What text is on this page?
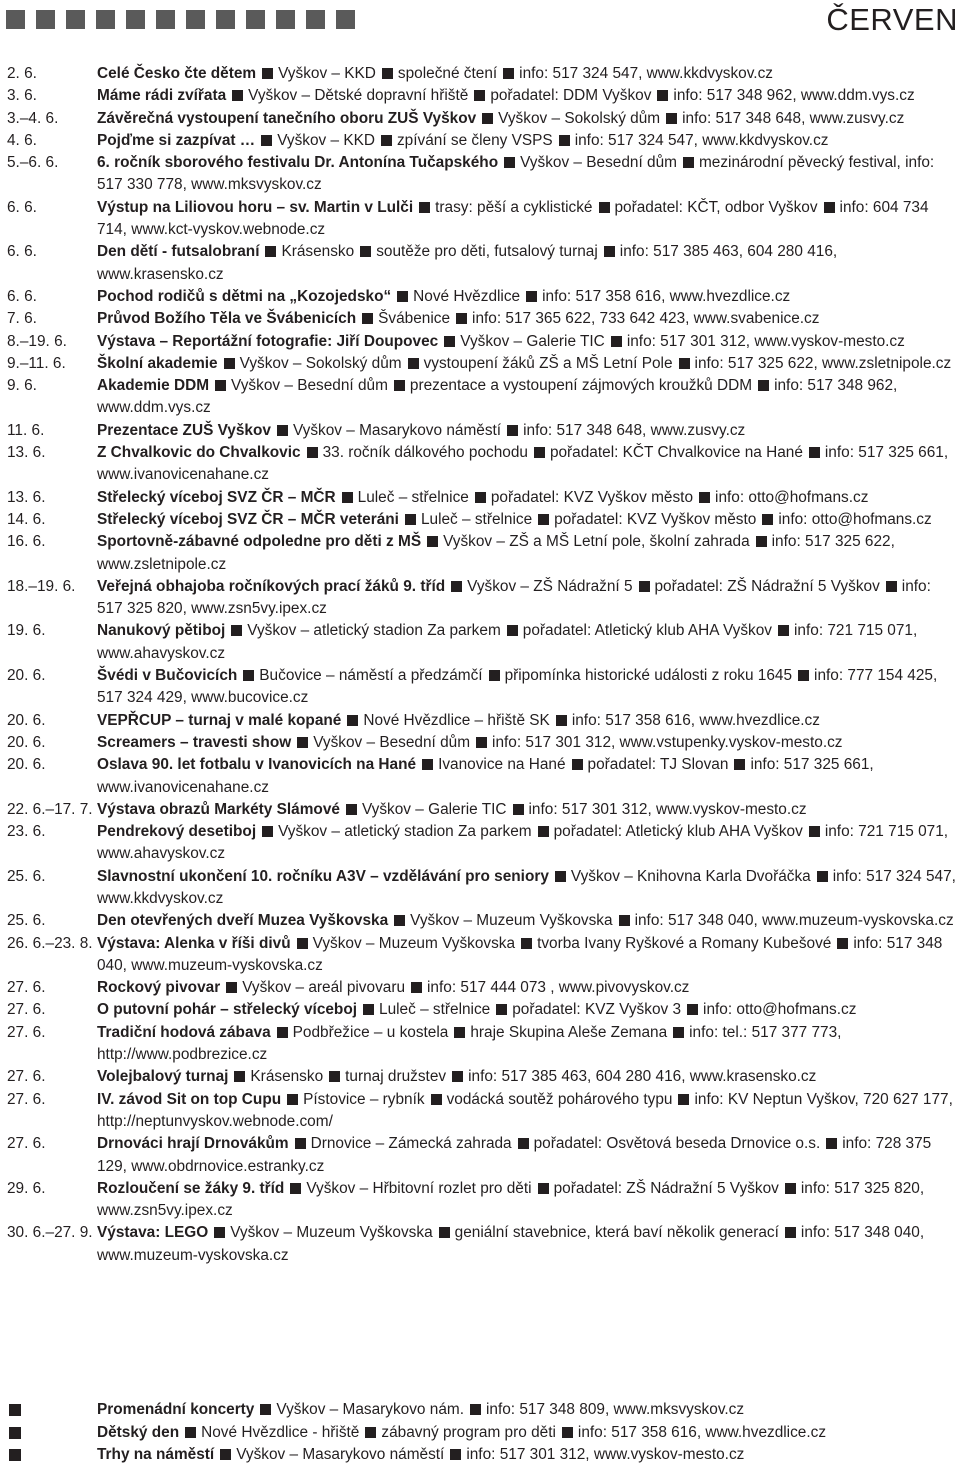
ČERVEN
2. 6.	Celé Česko čte dětem Vyškov – KKD společné čtení info: 517 324 547, www.kkdvyskov.cz
3. 6.	Máme rádi zvířata Vyškov – Dětské dopravní hřiště pořadatel: DDM Vyškov info: 517 348 962, www.ddm.vys.cz
3.–4. 6.	Závěrečná vystoupení tanečního oboru ZUŠ Vyškov Vyškov – Sokolský dům info: 517 348 648, www.zusvy.cz
4. 6.	Pojďme si zazpívat … Vyškov – KKD zpívání se členy VSPS info: 517 324 547, www.kkdvyskov.cz
5.–6. 6.	6. ročník sborového festivalu Dr. Antonína Tučapského Vyškov – Besední dům mezinárodní pěvecký festival, info: 517 330 778, www.mksvyskov.cz
6. 6.	Výstup na Liliovou horu – sv. Martin v Lulči trasy: pěší a cyklistické pořadatel: KČT, odbor Vyškov info: 604 734 714, www.kct-vyskov.webnode.cz
6. 6.	Den dětí - futsalobraní Krásensko soutěže pro děti, futsalový turnaj info: 517 385 463, 604 280 416, www.krasensko.cz
6. 6.	Pochod rodičů s dětmi na „Kozojedsko“ Nové Hvězdlice info: 517 358 616, www.hvezdlice.cz
7. 6.	Průvod Božího Těla ve Švábenicích Švábenice info: 517 365 622, 733 642 423, www.svabenice.cz
8.–19. 6.	Výstava – Reportážní fotografie: Jiří Doupovec Vyškov – Galerie TIC info: 517 301 312, www.vyskov-mesto.cz
9.–11. 6.	Školní akademie Vyškov – Sokolský dům vystoupení žáků ZŠ a MŠ Letní Pole info: 517 325 622, www.zsletnipole.cz
9. 6.	Akademie DDM Vyškov – Besední dům prezentace a vystoupení zájmových kroužků DDM info: 517 348 962, www.ddm.vys.cz
11. 6.	Prezentace ZUŠ Vyškov Vyškov – Masarykovo náměstí info: 517 348 648, www.zusvy.cz
13. 6.	Z Chvalkovic do Chvalkovic 33. ročník dálkového pochodu pořadatel: KČT Chvalkovice na Hané info: 517 325 661, www.ivanovicenahane.cz
13. 6.	Střelecký víceboj SVZ ČR – MČR Luleč – střelnice pořadatel: KVZ Vyškov město info: otto@hofmans.cz
14. 6.	Střelecký víceboj SVZ ČR – MČR veteráni Luleč – střelnice pořadatel: KVZ Vyškov město info: otto@hofmans.cz
16. 6.	Sportovně-zábavné odpoledne pro děti z MŠ Vyškov – ZŠ a MŠ Letní pole, školní zahrada info: 517 325 622, www.zsletnipole.cz
18.–19. 6.	Veřejná obhajoba ročníkových prací žáků 9. tříd Vyškov – ZŠ Nádražní 5 pořadatel: ZŠ Nádražní 5 Vyškov info: 517 325 820, www.zsn5vy.ipex.cz
19. 6.	Nanukový pětiboj Vyškov – atletický stadion Za parkem pořadatel: Atletický klub AHA Vyškov info: 721 715 071, www.ahavyskov.cz
20. 6.	Švédi v Bučovicích Bučovice – náměstí a předzámčí připomínka historické události z roku 1645 info: 777 154 425, 517 324 429, www.bucovice.cz
20. 6.	VEPŘCUP – turnaj v malé kopané Nové Hvězdlice – hřiště SK info: 517 358 616, www.hvezdlice.cz
20. 6.	Screamers – travesti show Vyškov – Besední dům info: 517 301 312, www.vstupenky.vyskov-mesto.cz
20. 6.	Oslava 90. let fotbalu v Ivanovicích na Hané Ivanovice na Hané pořadatel: TJ Slovan info: 517 325 661, www.ivanovicenahane.cz
22. 6.–17. 7. Výstava obrazů Markéty Slámové Vyškov – Galerie TIC info: 517 301 312, www.vyskov-mesto.cz
23. 6.	Pendrekový desetiboj Vyškov – atletický stadion Za parkem pořadatel: Atletický klub AHA Vyškov info: 721 715 071, www.ahavyskov.cz
25. 6.	Slavnostní ukončení 10. ročníku A3V – vzdělávání pro seniory Vyškov – Knihovna Karla Dvořáčka info: 517 324 547, www.kkdvyskov.cz
25. 6.	Den otevřených dveří Muzea Vyškovska Vyškov – Muzeum Vyškovska info: 517 348 040, www.muzeum-vyskovska.cz
26. 6.–23. 8. Výstava: Alenka v říši divů Vyškov – Muzeum Vyškovska tvorba Ivany Ryškové a Romany Kubešové info: 517 348 040, www.muzeum-vyskovska.cz
27. 6.	Rockový pivovar Vyškov – areál pivovaru info: 517 444 073 , www.pivovyskov.cz
27. 6.	O putovní pohár – střelecký víceboj Luleč – střelnice pořadatel: KVZ Vyškov 3 info: otto@hofmans.cz
27. 6.	Tradiční hodová zábava Podbřežice – u kostela hraje Skupina Aleše Zemana info: tel.: 517 377 773, http://www.podbrezice.cz
27. 6.	Volejbalový turnaj Krásensko turnaj družstev info: 517 385 463, 604 280 416, www.krasensko.cz
27. 6.	IV. závod Sit on top Cupu Pístovice – rybník vodácká soutěž pohárového typu info: KV Neptun Vyškov, 720 627 177, http://neptunvyskov.webnode.com/
27. 6.	Drnováci hrají Drnovákům Drnovice – Zámecká zahrada pořadatel: Osvětová beseda Drnovice o.s. info: 728 375 129, www.obdrnovice.estranky.cz
29. 6.	Rozloučení se žáky 9. tříd Vyškov – Hřbitovní rozlet pro děti pořadatel: ZŠ Nádražní 5 Vyškov info: 517 325 820, www.zsn5vy.ipex.cz
30. 6.–27. 9. Výstava: LEGO Vyškov – Muzeum Vyškovska geniální stavebnice, která baví několik generací info: 517 348 040, www.muzeum-vyskovska.cz
Promenádní koncerty Vyškov – Masarykovo nám. info: 517 348 809, www.mksvyskov.cz
Dětský den Nové Hvězdlice - hřiště zábavný program pro děti info: 517 358 616, www.hvezdlice.cz
Trhy na náměstí Vyškov – Masarykovo náměstí info: 517 301 312, www.vyskov-mesto.cz
